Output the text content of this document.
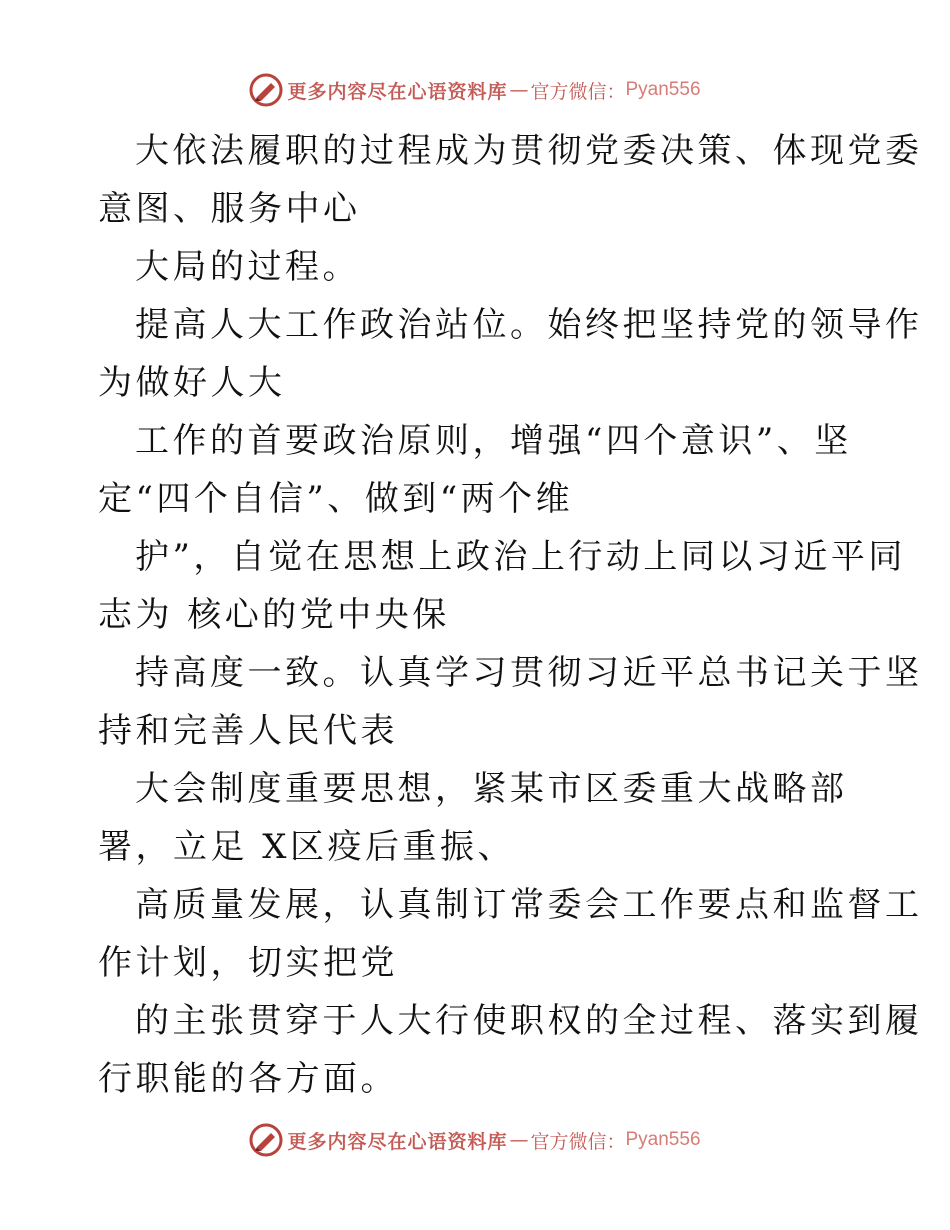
更多内容尽在心语资料库 — 官方微信： Pyan556
大依法履职的过程成为贯彻党委决策、体现党委
意图、服务中心
大局的过程。
提高人大工作政治站位。始终把坚持党的领导作
为做好人大
工作的首要政治原则，增强“四个意识”、坚
定“四个自信”、做到“两个维
护”，自觉在思想上政治上行动上同以习近平同
志为 核心的党中央保
持高度一致。认真学习贯彻习近平总书记关于坚
持和完善人民代表
大会制度重要思想，紧某市区委重大战略部
署，立足 X区疫后重振、
高质量发展，认真制订常委会工作要点和监督工
作计划，切实把党
的主张贯穿于人大行使职权的全过程、落实到履
行职能的各方面。
更多内容尽在心语资料库 — 官方微信： Pyan556
